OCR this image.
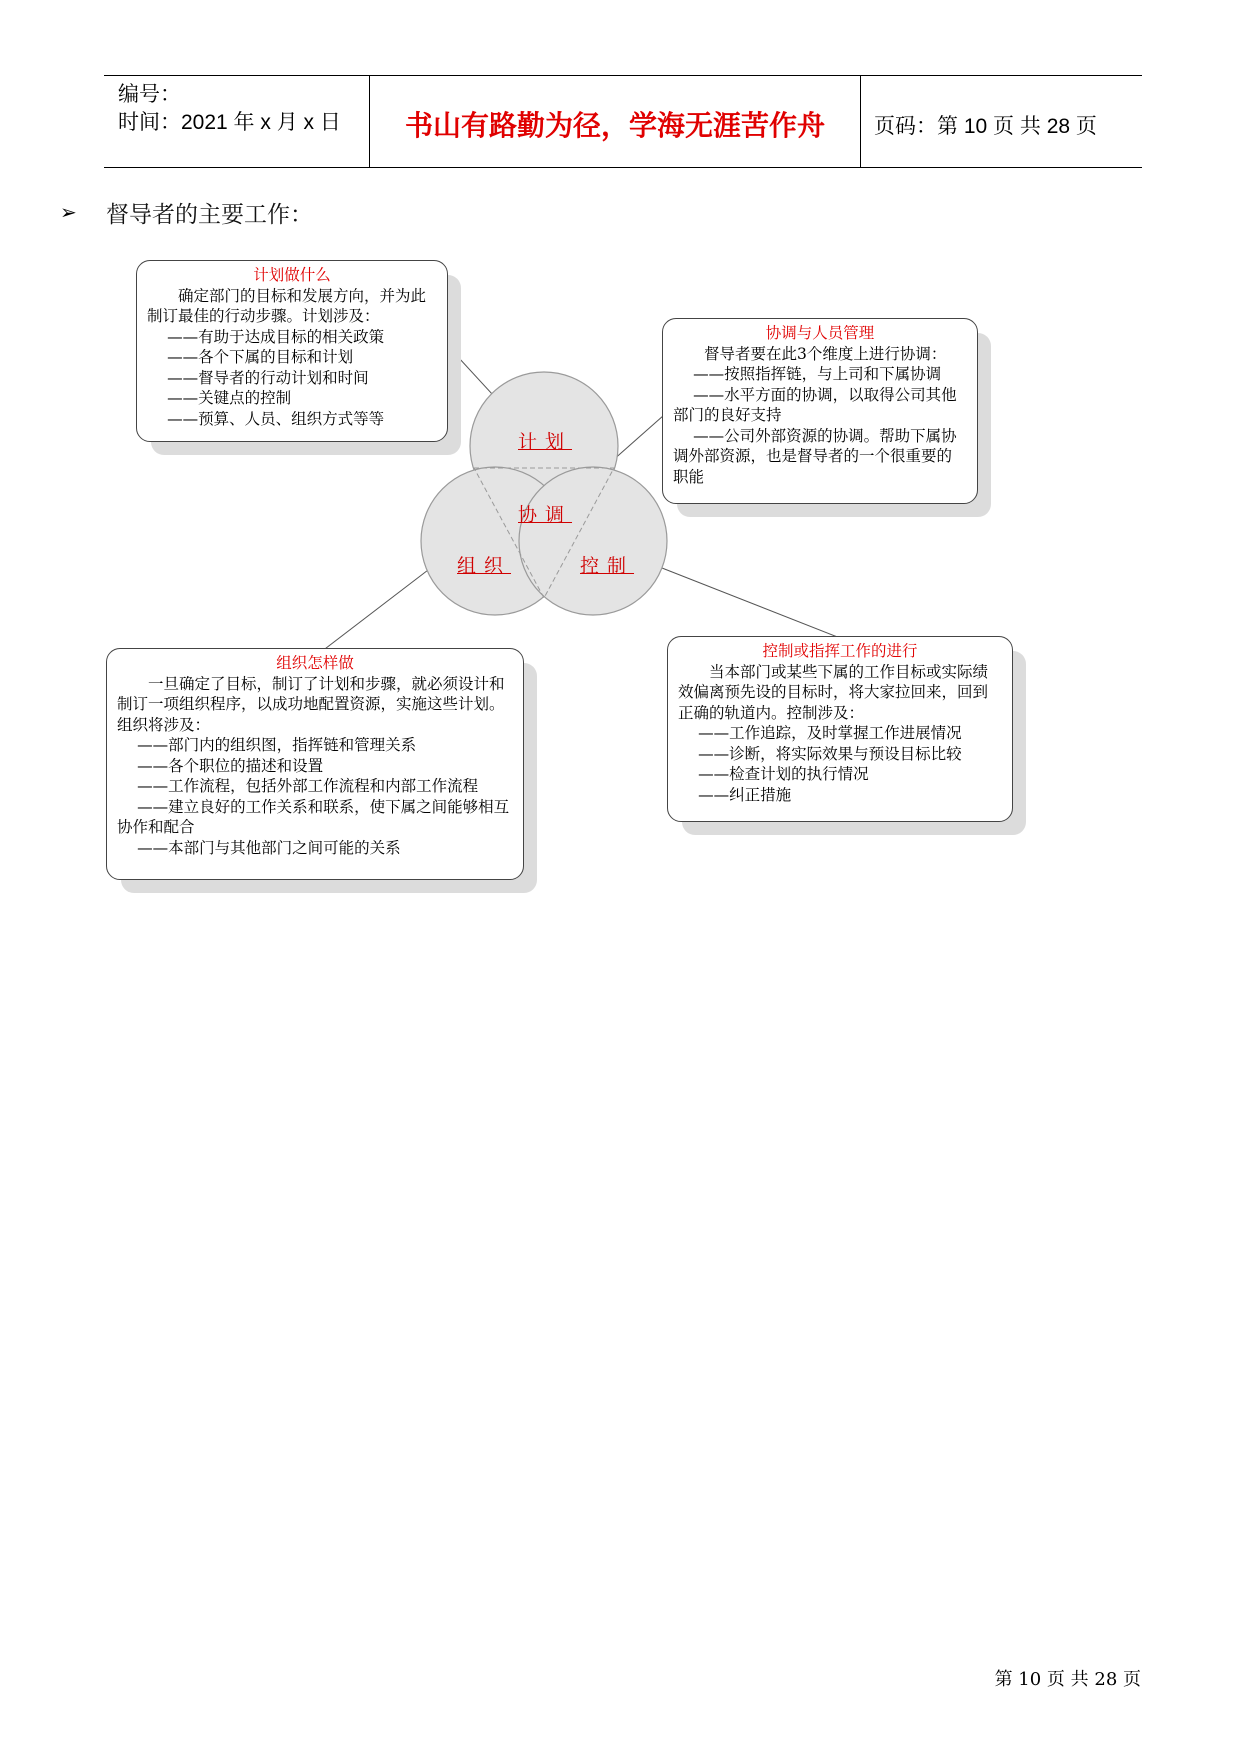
编号：
时间：2021 年 x 月 x 日	书山有路勤为径，学海无涯苦作舟	页码：第 10 页 共 28 页
➢ 督导者的主要工作：
计划
协调
组织	控制
计划做什么
确定部门的目标和发展方向，并为此制订最佳的行动步骤。计划涉及：
——有助于达成目标的相关政策
——各个下属的目标和计划
——督导者的行动计划和时间
——关键点的控制
——预算、人员、组织方式等等
协调与人员管理
督导者要在此3个维度上进行协调：
——按照指挥链，与上司和下属协调
——水平方面的协调，以取得公司其他部门的良好支持
——公司外部资源的协调。帮助下属协调外部资源，也是督导者的一个很重要的职能
组织怎样做
一旦确定了目标，制订了计划和步骤，就必须设计和制订一项组织程序，以成功地配置资源，实施这些计划。组织将涉及：
——部门内的组织图，指挥链和管理关系
——各个职位的描述和设置
——工作流程，包括外部工作流程和内部工作流程
——建立良好的工作关系和联系，使下属之间能够相互协作和配合
——本部门与其他部门之间可能的关系
控制或指挥工作的进行
当本部门或某些下属的工作目标或实际绩效偏离预先设的目标时，将大家拉回来，回到正确的轨道内。控制涉及：
——工作追踪，及时掌握工作进展情况
——诊断，将实际效果与预设目标比较
——检查计划的执行情况
——纠正措施
第 10 页 共 28 页
